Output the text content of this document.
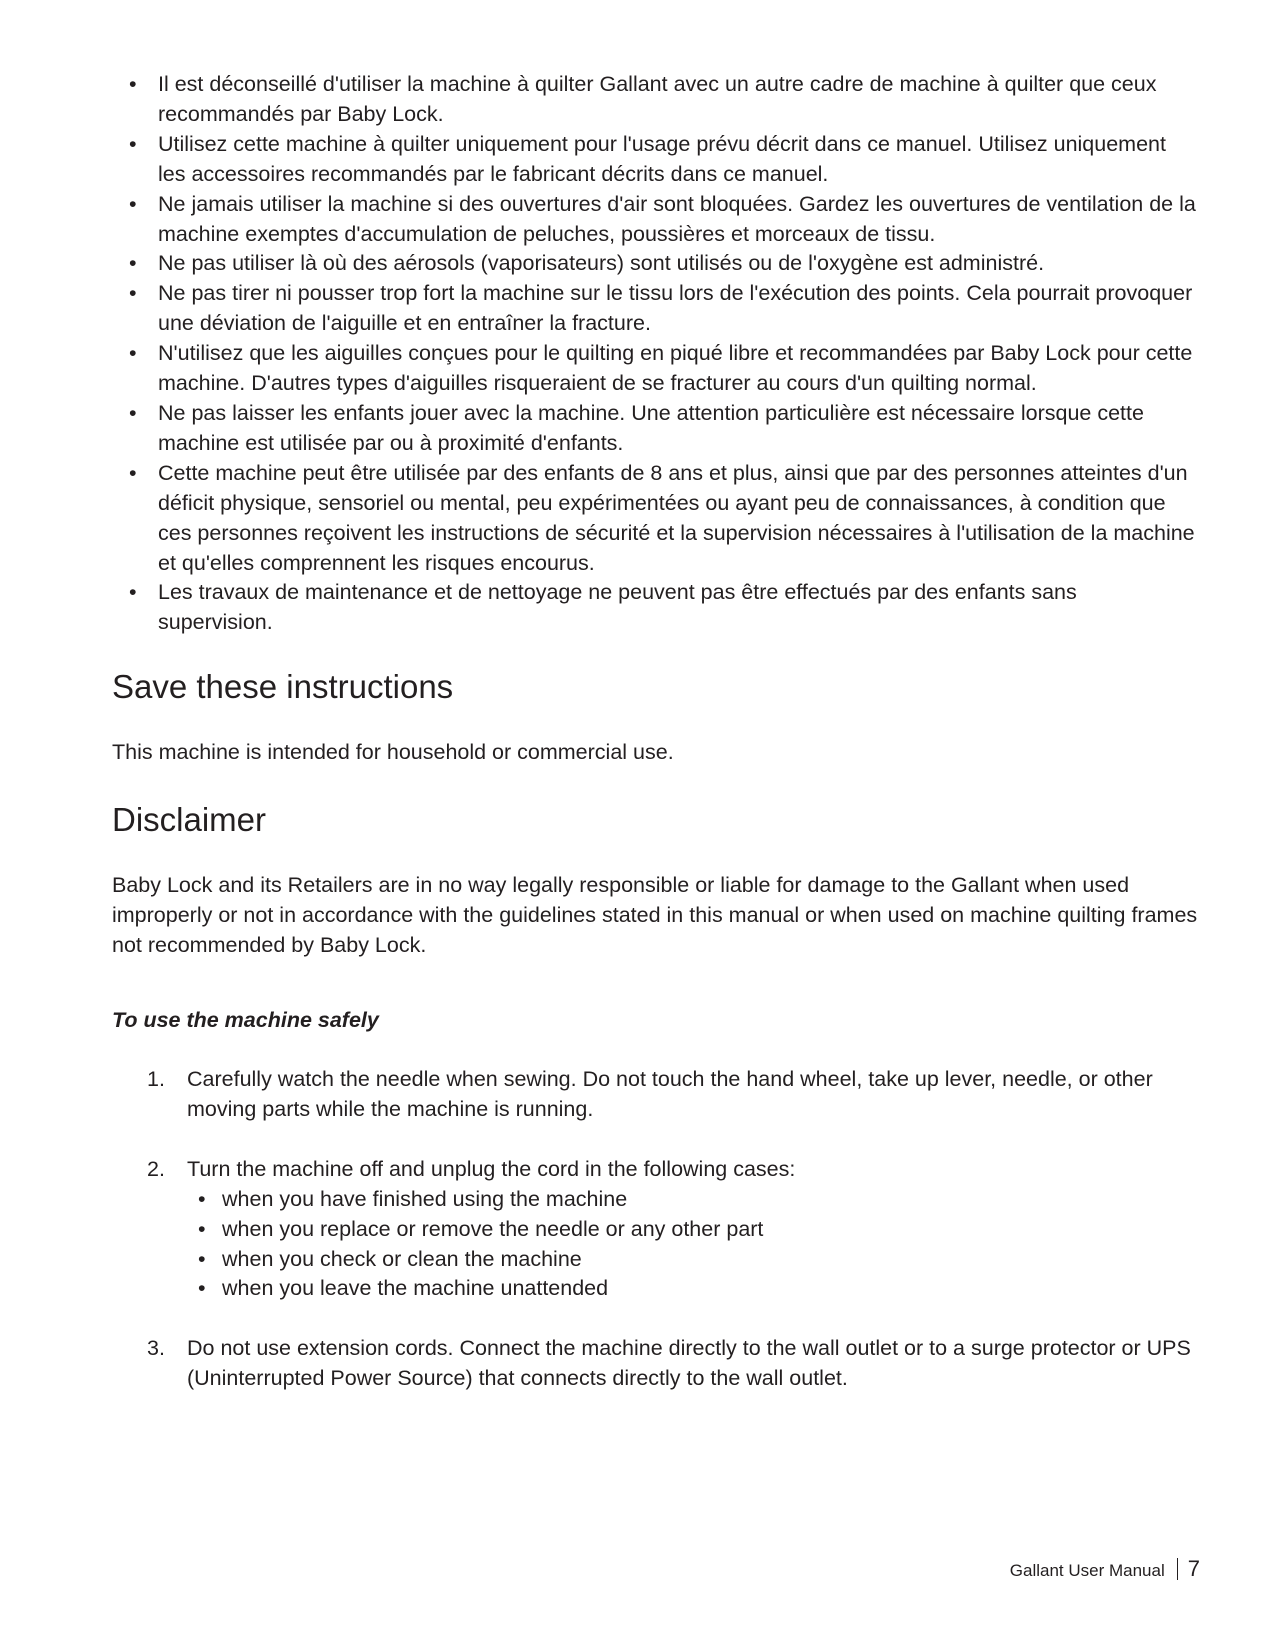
• Il est déconseillé d'utiliser la machine à quilter Gallant avec un autre cadre de machine à quilter que ceux recommandés par Baby Lock.
• Utilisez cette machine à quilter uniquement pour l'usage prévu décrit dans ce manuel. Utilisez uniquement les accessoires recommandés par le fabricant décrits dans ce manuel.
• Ne jamais utiliser la machine si des ouvertures d'air sont bloquées. Gardez les ouvertures de ventilation de la machine exemptes d'accumulation de peluches, poussières et morceaux de tissu.
• Ne pas utiliser là où des aérosols (vaporisateurs) sont utilisés ou de l'oxygène est administré.
• Ne pas tirer ni pousser trop fort la machine sur le tissu lors de l'exécution des points. Cela pourrait provoquer une déviation de l'aiguille et en entraîner la fracture.
• N'utilisez que les aiguilles conçues pour le quilting en piqué libre et recommandées par Baby Lock pour cette machine. D'autres types d'aiguilles risqueraient de se fracturer au cours d'un quilting normal.
• Ne pas laisser les enfants jouer avec la machine. Une attention particulière est nécessaire lorsque cette machine est utilisée par ou à proximité d'enfants.
• Cette machine peut être utilisée par des enfants de 8 ans et plus, ainsi que par des personnes atteintes d'un déficit physique, sensoriel ou mental, peu expérimentées ou ayant peu de connaissances, à condition que ces personnes reçoivent les instructions de sécurité et la supervision nécessaires à l'utilisation de la machine et qu'elles comprennent les risques encourus.
• Les travaux de maintenance et de nettoyage ne peuvent pas être effectués par des enfants sans supervision.
Save these instructions

This machine is intended for household or commercial use.

Disclaimer

Baby Lock and its Retailers are in no way legally responsible or liable for damage to the Gallant when used improperly or not in accordance with the guidelines stated in this manual or when used on machine quilting frames not recommended by Baby Lock.

To use the machine safely

1. Carefully watch the needle when sewing. Do not touch the hand wheel, take up lever, needle, or other moving parts while the machine is running.
2. Turn the machine off and unplug the cord in the following cases:
• when you have finished using the machine
• when you replace or remove the needle or any other part
• when you check or clean the machine
• when you leave the machine unattended
3. Do not use extension cords. Connect the machine directly to the wall outlet or to a surge protector or UPS (Uninterrupted Power Source) that connects directly to the wall outlet.
Gallant User Manual 7
